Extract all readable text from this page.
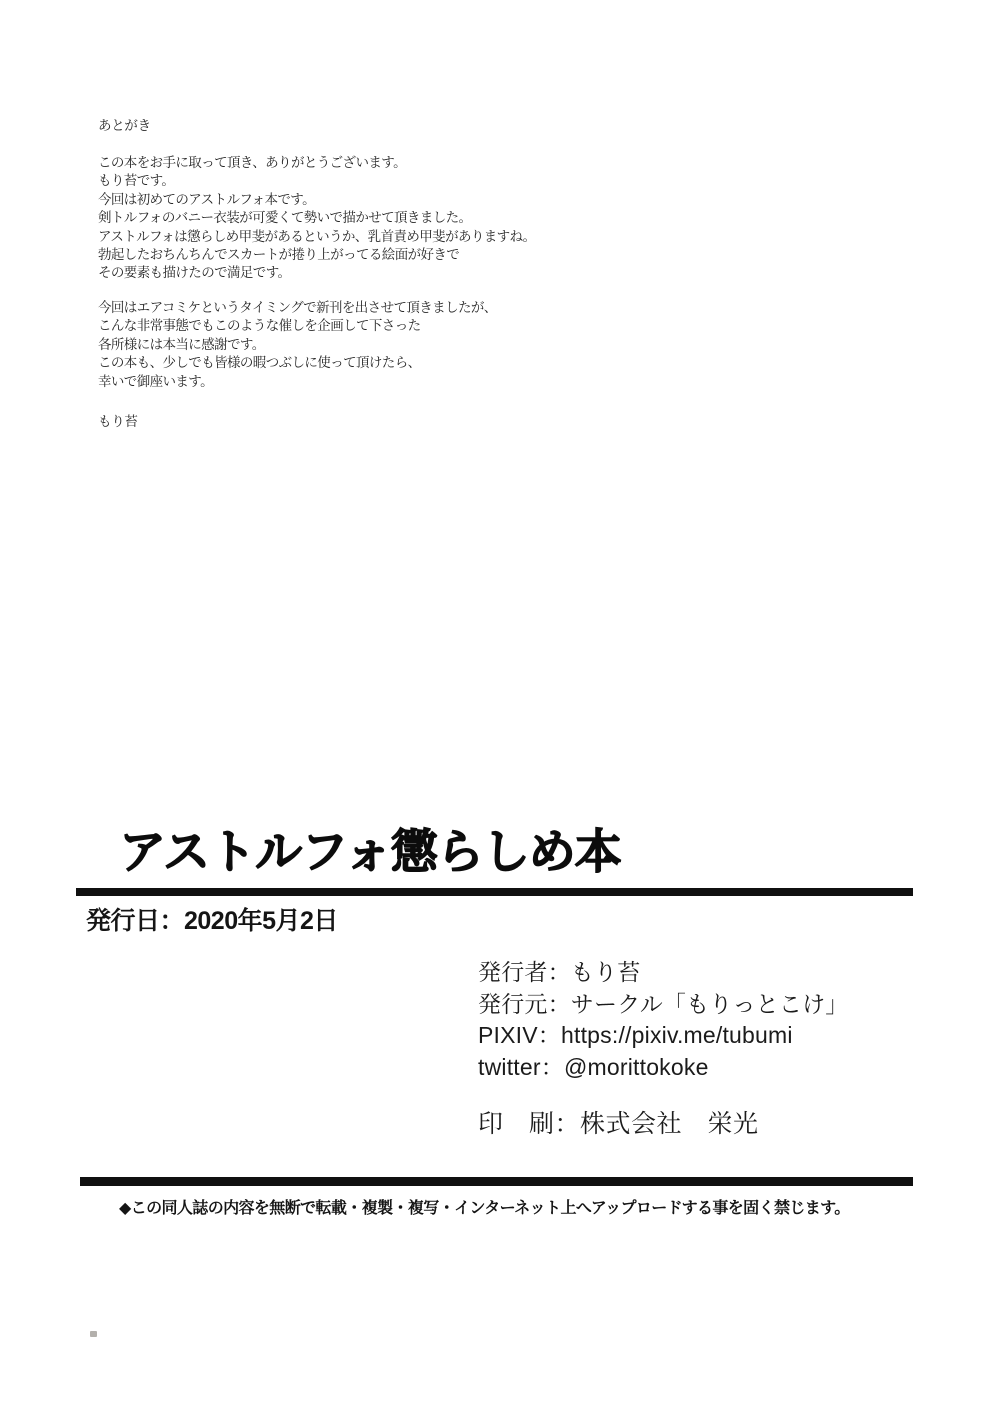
あとがき
この本をお手に取って頂き、ありがとうございます。
もり苔です。
今回は初めてのアストルフォ本です。
剣トルフォのバニー衣装が可愛くて勢いで描かせて頂きました。
アストルフォは懲らしめ甲斐があるというか、乳首責め甲斐がありますね。
勃起したおちんちんでスカートが捲り上がってる絵面が好きで
その要素も描けたので満足です。
今回はエアコミケというタイミングで新刊を出させて頂きましたが、
こんな非常事態でもこのような催しを企画して下さった
各所様には本当に感謝です。
この本も、少しでも皆様の暇つぶしに使って頂けたら、
幸いで御座います。
もり苔
アストルフォ懲らしめ本
発行日：2020年5月2日
発行者：もり苔
発行元：サークル「もりっとこけ」
PIXIV：https://pixiv.me/tubumi
twitter：@morittokoke
印　刷：株式会社　栄光
◆この同人誌の内容を無断で転載・複製・複写・インターネット上へアップロードする事を固く禁じます。
